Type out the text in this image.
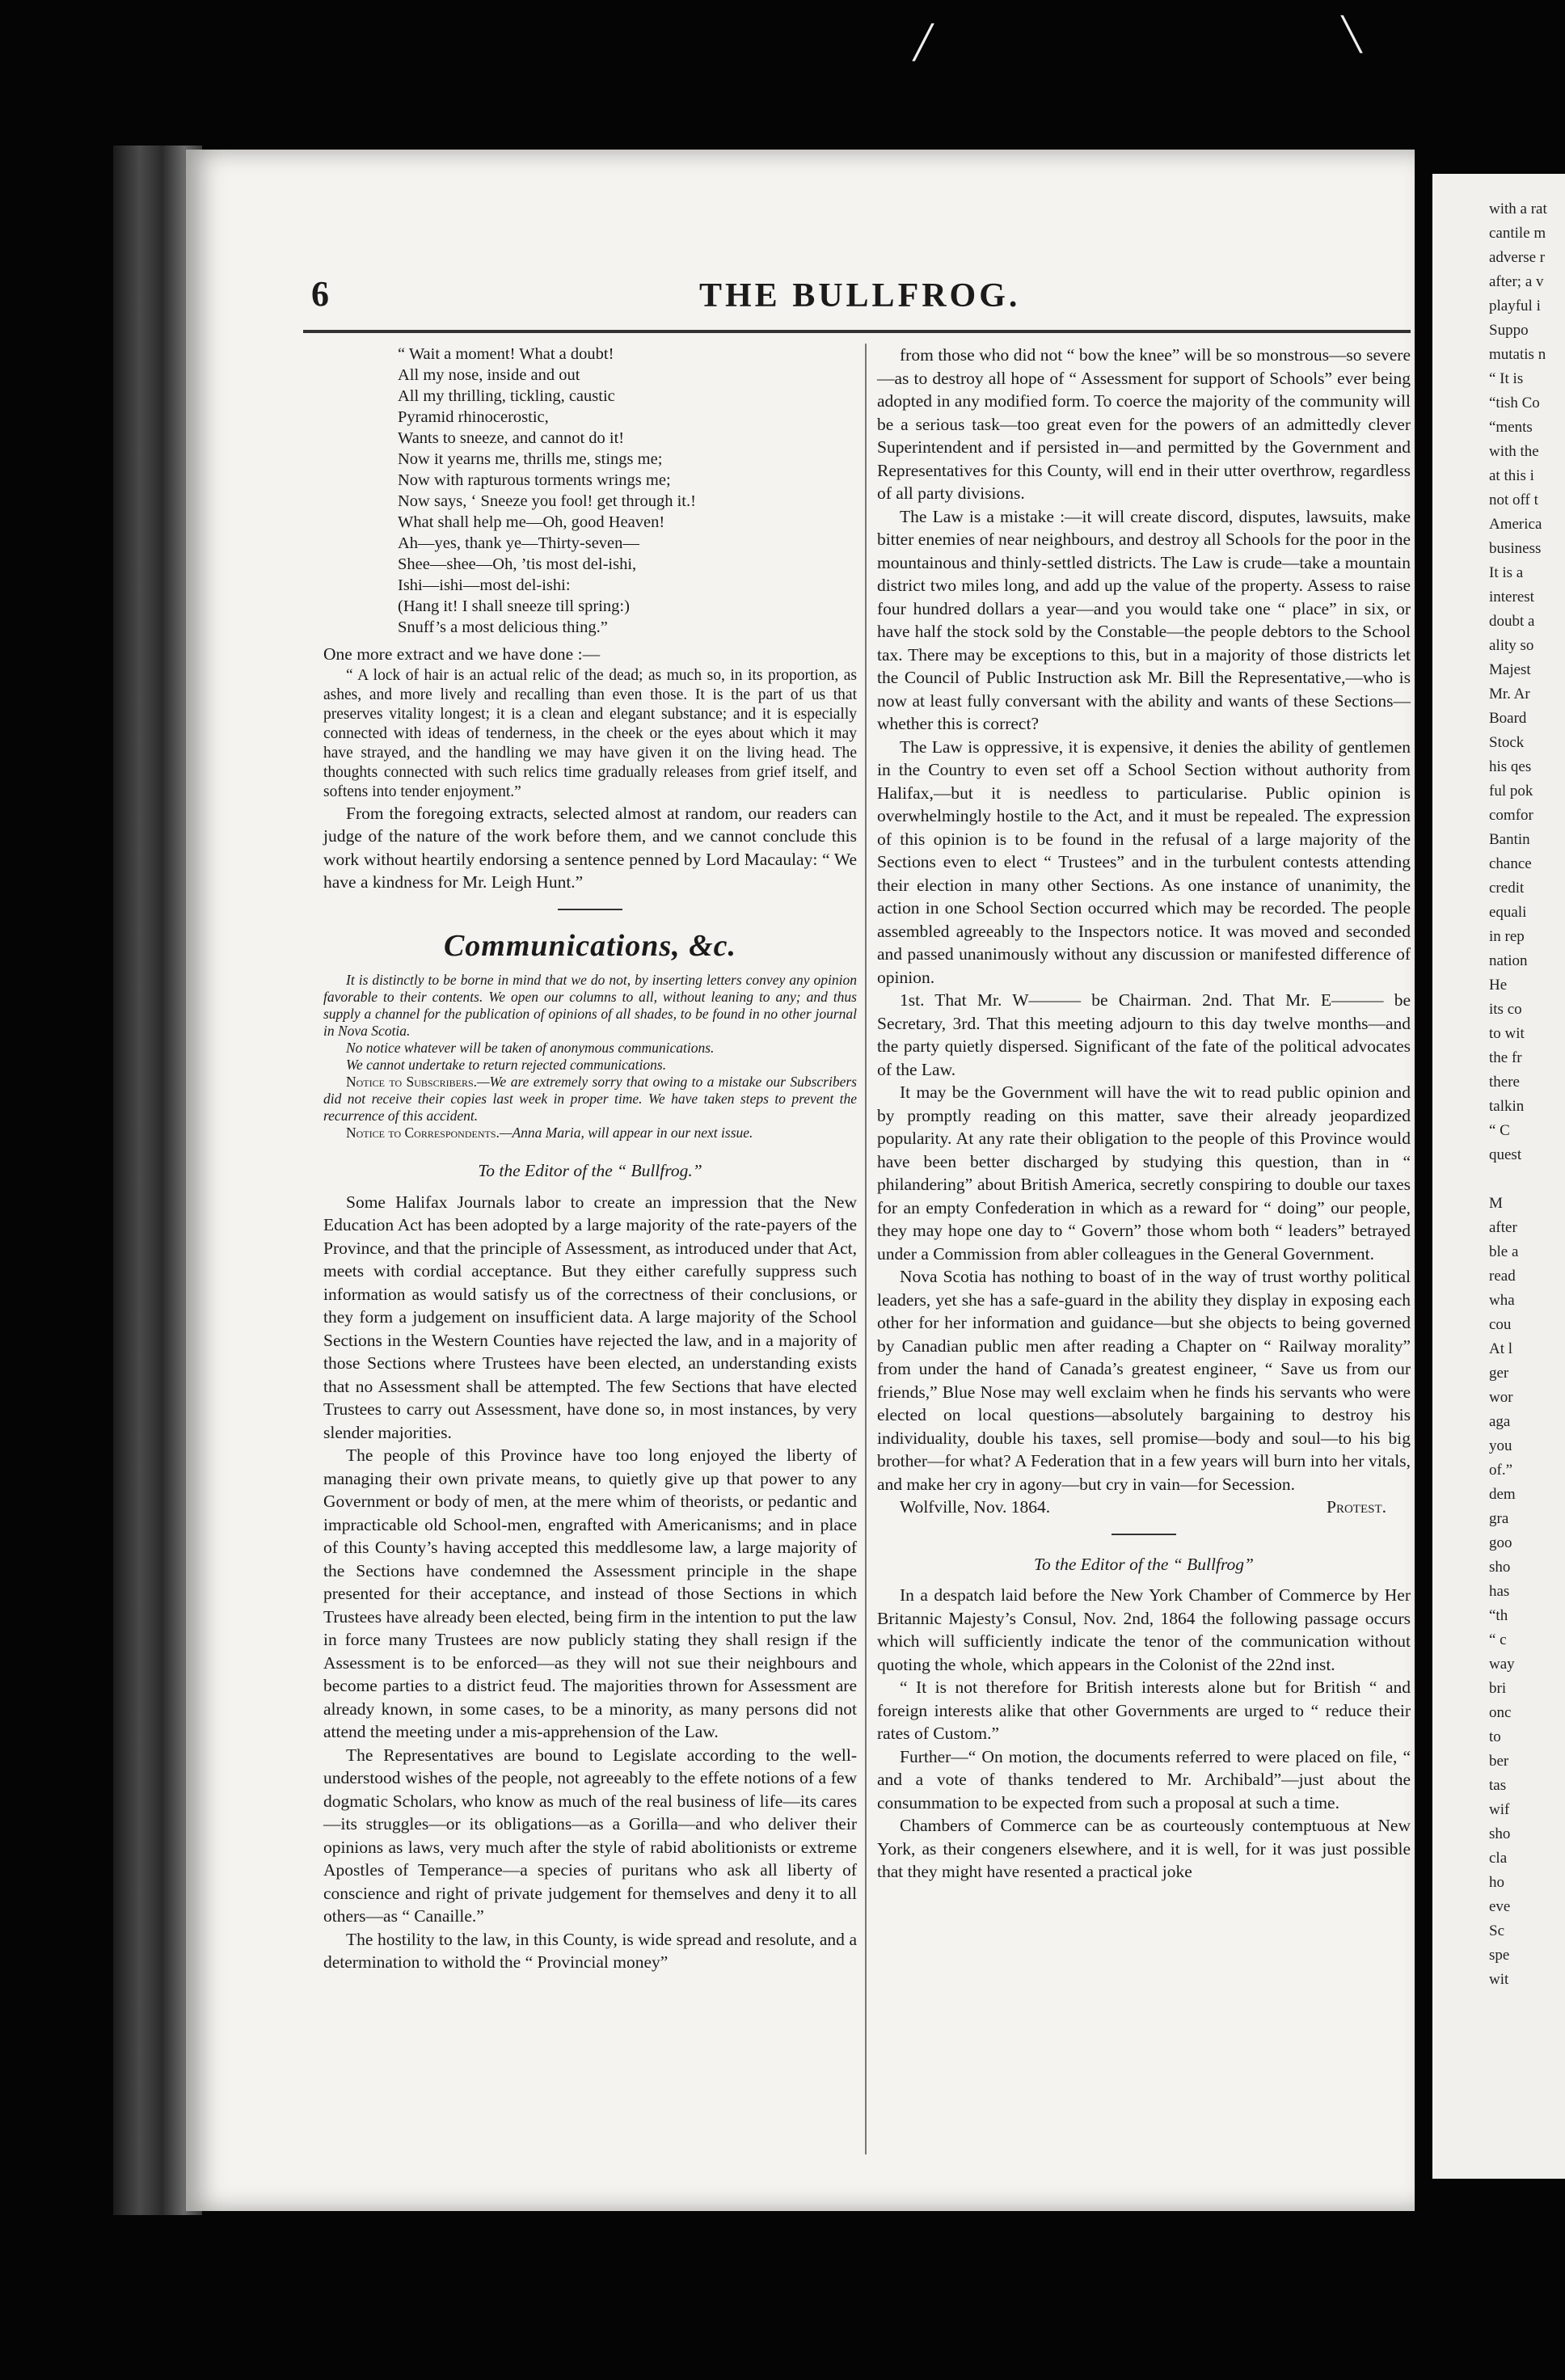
╱	╲
with a rat
cantile m
adverse r
after; a v
playful i
Suppo
mutatis n
“ It is
“tish Co
“ments
with the
at this i
not off t
America
business
It is a
interest
doubt a
ality so
Majest
Mr. Ar
Board
Stock
his qes
ful pok
comfor
Bantin
chance
credit
equali
in rep
nation
He
its co
to wit
the fr
there
talkin
“ C
quest
M
after
ble a
read
wha
cou
At l
ger
wor
aga
you
of.”
dem
gra
goo
sho
has
“th
“ c
way
bri
onc
to
ber
tas
wif
sho
cla
ho
eve
Sc
spe
wit
6	THE BULLFROG.
“ Wait a moment! What a doubt!
All my nose, inside and out
All my thrilling, tickling, caustic
Pyramid rhinocerostic,
Wants to sneeze, and cannot do it!
Now it yearns me, thrills me, stings me;
Now with rapturous torments wrings me;
Now says, ‘ Sneeze you fool! get through it.!
What shall help me—Oh, good Heaven!
Ah—yes, thank ye—Thirty-seven—
Shee—shee—Oh, ’tis most del-ishi,
Ishi—ishi—most del-ishi:
(Hang it! I shall sneeze till spring:)
Snuff’s a most delicious thing.”

One more extract and we have done :—

“ A lock of hair is an actual relic of the dead; as much so, in its proportion, as ashes, and more lively and recalling than even those. It is the part of us that preserves vitality longest; it is a clean and elegant substance; and it is especially connected with ideas of tenderness, in the cheek or the eyes about which it may have strayed, and the handling we may have given it on the living head. The thoughts connected with such relics time gradually releases from grief itself, and softens into tender enjoyment.”

From the foregoing extracts, selected almost at random, our readers can judge of the nature of the work before them, and we cannot conclude this work without heartily endorsing a sentence penned by Lord Macaulay: “ We have a kindness for Mr. Leigh Hunt.”

Communications, &c.

It is distinctly to be borne in mind that we do not, by inserting letters convey any opinion favorable to their contents. We open our columns to all, without leaning to any; and thus supply a channel for the publication of opinions of all shades, to be found in no other journal in Nova Scotia.

No notice whatever will be taken of anonymous communications.

We cannot undertake to return rejected communications.

Notice to Subscribers.—We are extremely sorry that owing to a mistake our Subscribers did not receive their copies last week in proper time. We have taken steps to prevent the recurrence of this accident.

Notice to Correspondents.—Anna Maria, will appear in our next issue.

To the Editor of the “ Bullfrog.”

Some Halifax Journals labor to create an impression that the New Education Act has been adopted by a large majority of the rate-payers of the Province, and that the principle of Assessment, as introduced under that Act, meets with cordial acceptance. But they either carefully suppress such information as would satisfy us of the correctness of their conclusions, or they form a judgement on insufficient data. A large majority of the School Sections in the Western Counties have rejected the law, and in a majority of those Sections where Trustees have been elected, an understanding exists that no Assessment shall be attempted. The few Sections that have elected Trustees to carry out Assessment, have done so, in most instances, by very slender majorities.

The people of this Province have too long enjoyed the liberty of managing their own private means, to quietly give up that power to any Government or body of men, at the mere whim of theorists, or pedantic and impracticable old School-men, engrafted with Americanisms; and in place of this County’s having accepted this meddlesome law, a large majority of the Sections have condemned the Assessment principle in the shape presented for their acceptance, and instead of those Sections in which Trustees have already been elected, being firm in the intention to put the law in force many Trustees are now publicly stating they shall resign if the Assessment is to be enforced—as they will not sue their neighbours and become parties to a district feud. The majorities thrown for Assessment are already known, in some cases, to be a minority, as many persons did not attend the meeting under a mis-apprehension of the Law.

The Representatives are bound to Legislate according to the well-understood wishes of the people, not agreeably to the effete notions of a few dogmatic Scholars, who know as much of the real business of life—its cares—its struggles—or its obligations—as a Gorilla—and who deliver their opinions as laws, very much after the style of rabid abolitionists or extreme Apostles of Temperance—a species of puritans who ask all liberty of conscience and right of private judgement for themselves and deny it to all others—as “ Canaille.”

The hostility to the law, in this County, is wide spread and resolute, and a determination to withold the “ Provincial money”

from those who did not “ bow the knee” will be so monstrous—so severe—as to destroy all hope of “ Assessment for support of Schools” ever being adopted in any modified form. To coerce the majority of the community will be a serious task—too great even for the powers of an admittedly clever Superintendent and if persisted in—and permitted by the Government and Representatives for this County, will end in their utter overthrow, regardless of all party divisions.

The Law is a mistake :—it will create discord, disputes, lawsuits, make bitter enemies of near neighbours, and destroy all Schools for the poor in the mountainous and thinly-settled districts. The Law is crude—take a mountain district two miles long, and add up the value of the property. Assess to raise four hundred dollars a year—and you would take one “ place” in six, or have half the stock sold by the Constable—the people debtors to the School tax. There may be exceptions to this, but in a majority of those districts let the Council of Public Instruction ask Mr. Bill the Representative,—who is now at least fully conversant with the ability and wants of these Sections—whether this is correct?

The Law is oppressive, it is expensive, it denies the ability of gentlemen in the Country to even set off a School Section without authority from Halifax,—but it is needless to particularise. Public opinion is overwhelmingly hostile to the Act, and it must be repealed. The expression of this opinion is to be found in the refusal of a large majority of the Sections even to elect “ Trustees” and in the turbulent contests attending their election in many other Sections. As one instance of unanimity, the action in one School Section occurred which may be recorded. The people assembled agreeably to the Inspectors notice. It was moved and seconded and passed unanimously without any discussion or manifested difference of opinion.

1st. That Mr. W——— be Chairman. 2nd. That Mr. E——— be Secretary, 3rd. That this meeting adjourn to this day twelve months—and the party quietly dispersed. Significant of the fate of the political advocates of the Law.

It may be the Government will have the wit to read public opinion and by promptly reading on this matter, save their already jeopardized popularity. At any rate their obligation to the people of this Province would have been better discharged by studying this question, than in “ philandering” about British America, secretly conspiring to double our taxes for an empty Confederation in which as a reward for “ doing” our people, they may hope one day to “ Govern” those whom both “ leaders” betrayed under a Commission from abler colleagues in the General Government.

Nova Scotia has nothing to boast of in the way of trust worthy political leaders, yet she has a safe-guard in the ability they display in exposing each other for her information and guidance—but she objects to being governed by Canadian public men after reading a Chapter on “ Railway morality” from under the hand of Canada’s greatest engineer, “ Save us from our friends,” Blue Nose may well exclaim when he finds his servants who were elected on local questions—absolutely bargaining to destroy his individuality, double his taxes, sell promise—body and soul—to his big brother—for what? A Federation that in a few years will burn into her vitals, and make her cry in agony—but cry in vain—for Secession.

Wolfville, Nov. 1864.	Protest.
To the Editor of the “ Bullfrog”

In a despatch laid before the New York Chamber of Commerce by Her Britannic Majesty’s Consul, Nov. 2nd, 1864 the following passage occurs which will sufficiently indicate the tenor of the communication without quoting the whole, which appears in the Colonist of the 22nd inst.

“ It is not therefore for British interests alone but for British “ and foreign interests alike that other Governments are urged to “ reduce their rates of Custom.”

Further—“ On motion, the documents referred to were placed on file, “ and a vote of thanks tendered to Mr. Archibald”—just about the consummation to be expected from such a proposal at such a time.

Chambers of Commerce can be as courteously contemptuous at New York, as their congeners elsewhere, and it is well, for it was just possible that they might have resented a practical joke
